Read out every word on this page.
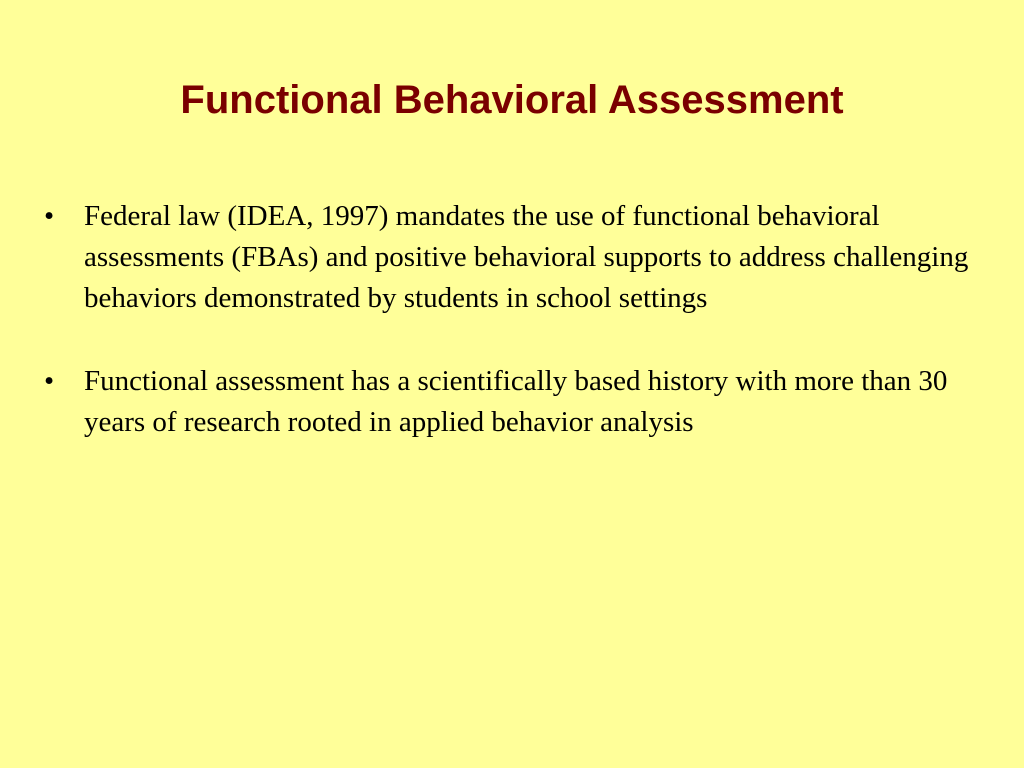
Functional Behavioral Assessment
• Federal law (IDEA, 1997) mandates the use of functional behavioral assessments (FBAs) and positive behavioral supports to address challenging behaviors demonstrated by students in school settings
• Functional assessment has a scientifically based history with more than 30 years of research rooted in applied behavior analysis
